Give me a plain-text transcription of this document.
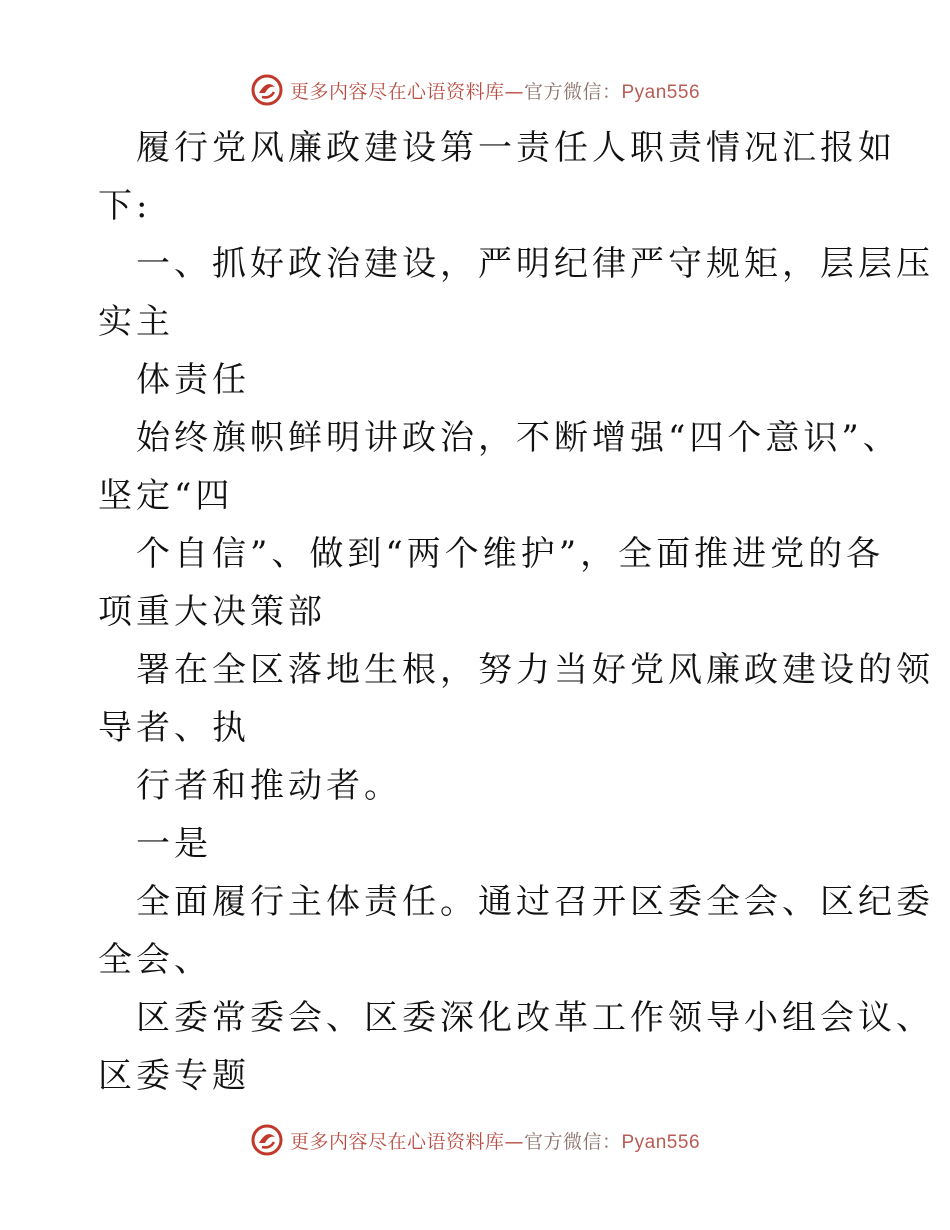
更多内容尽在心语资料库—官方微信：Pyan556
履行党风廉政建设第一责任人职责情况汇报如
下:
一、抓好政治建设，严明纪律严守规矩，层层压
实主
体责任
始终旗帜鲜明讲政治，不断增强“四个意识”、
坚定“四
个自信”、做到“两个维护”，全面推进党的各
项重大决策部
署在全区落地生根，努力当好党风廉政建设的领
导者、执
行者和推动者。
一是
全面履行主体责任。通过召开区委全会、区纪委
全会、
区委常委会、区委深化改革工作领导小组会议、
区委专题
更多内容尽在心语资料库—官方微信：Pyan556
